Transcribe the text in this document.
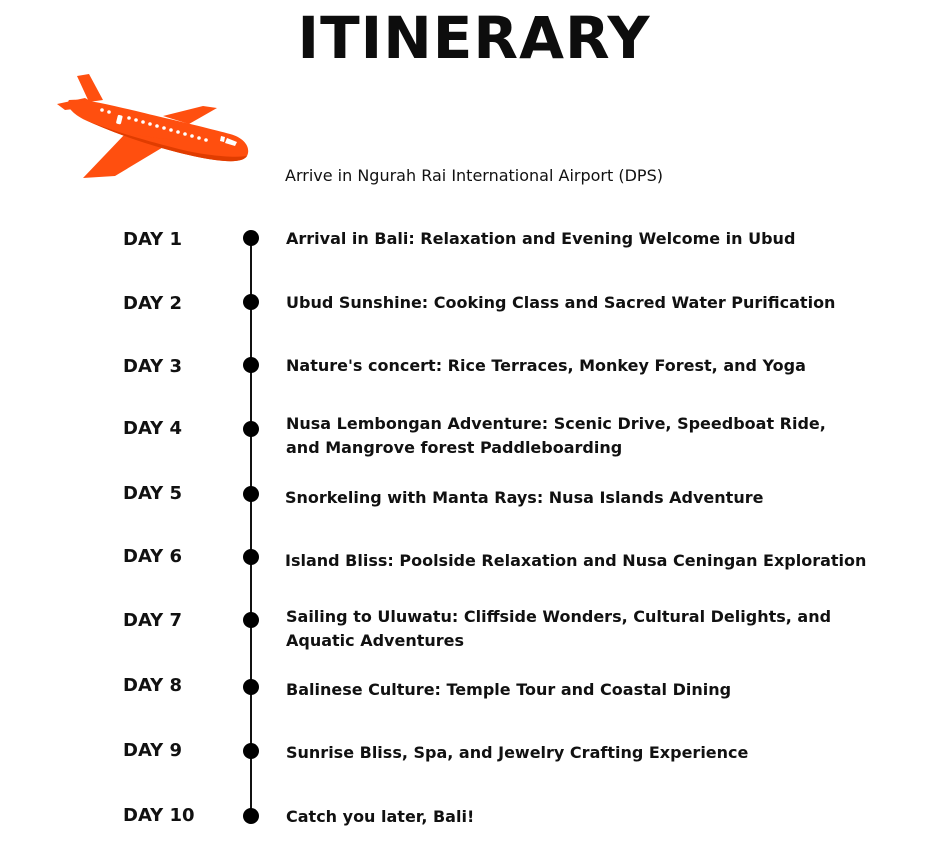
ITINERARY
Arrive in Ngurah Rai International Airport (DPS)
DAY 1	Arrival in Bali: Relaxation and Evening Welcome in Ubud
DAY 2	Ubud Sunshine: Cooking Class and Sacred Water Purification
DAY 3	Nature's concert: Rice Terraces, Monkey Forest, and Yoga
DAY 4	Nusa Lembongan Adventure: Scenic Drive, Speedboat Ride, and Mangrove forest Paddleboarding
DAY 5	Snorkeling with Manta Rays: Nusa Islands Adventure
DAY 6	Island Bliss: Poolside Relaxation and Nusa Ceningan Exploration
DAY 7	Sailing to Uluwatu: Cliffside Wonders, Cultural Delights, and Aquatic Adventures
DAY 8	Balinese Culture: Temple Tour and Coastal Dining
DAY 9	Sunrise Bliss, Spa, and Jewelry Crafting Experience
DAY 10	Catch you later, Bali!
